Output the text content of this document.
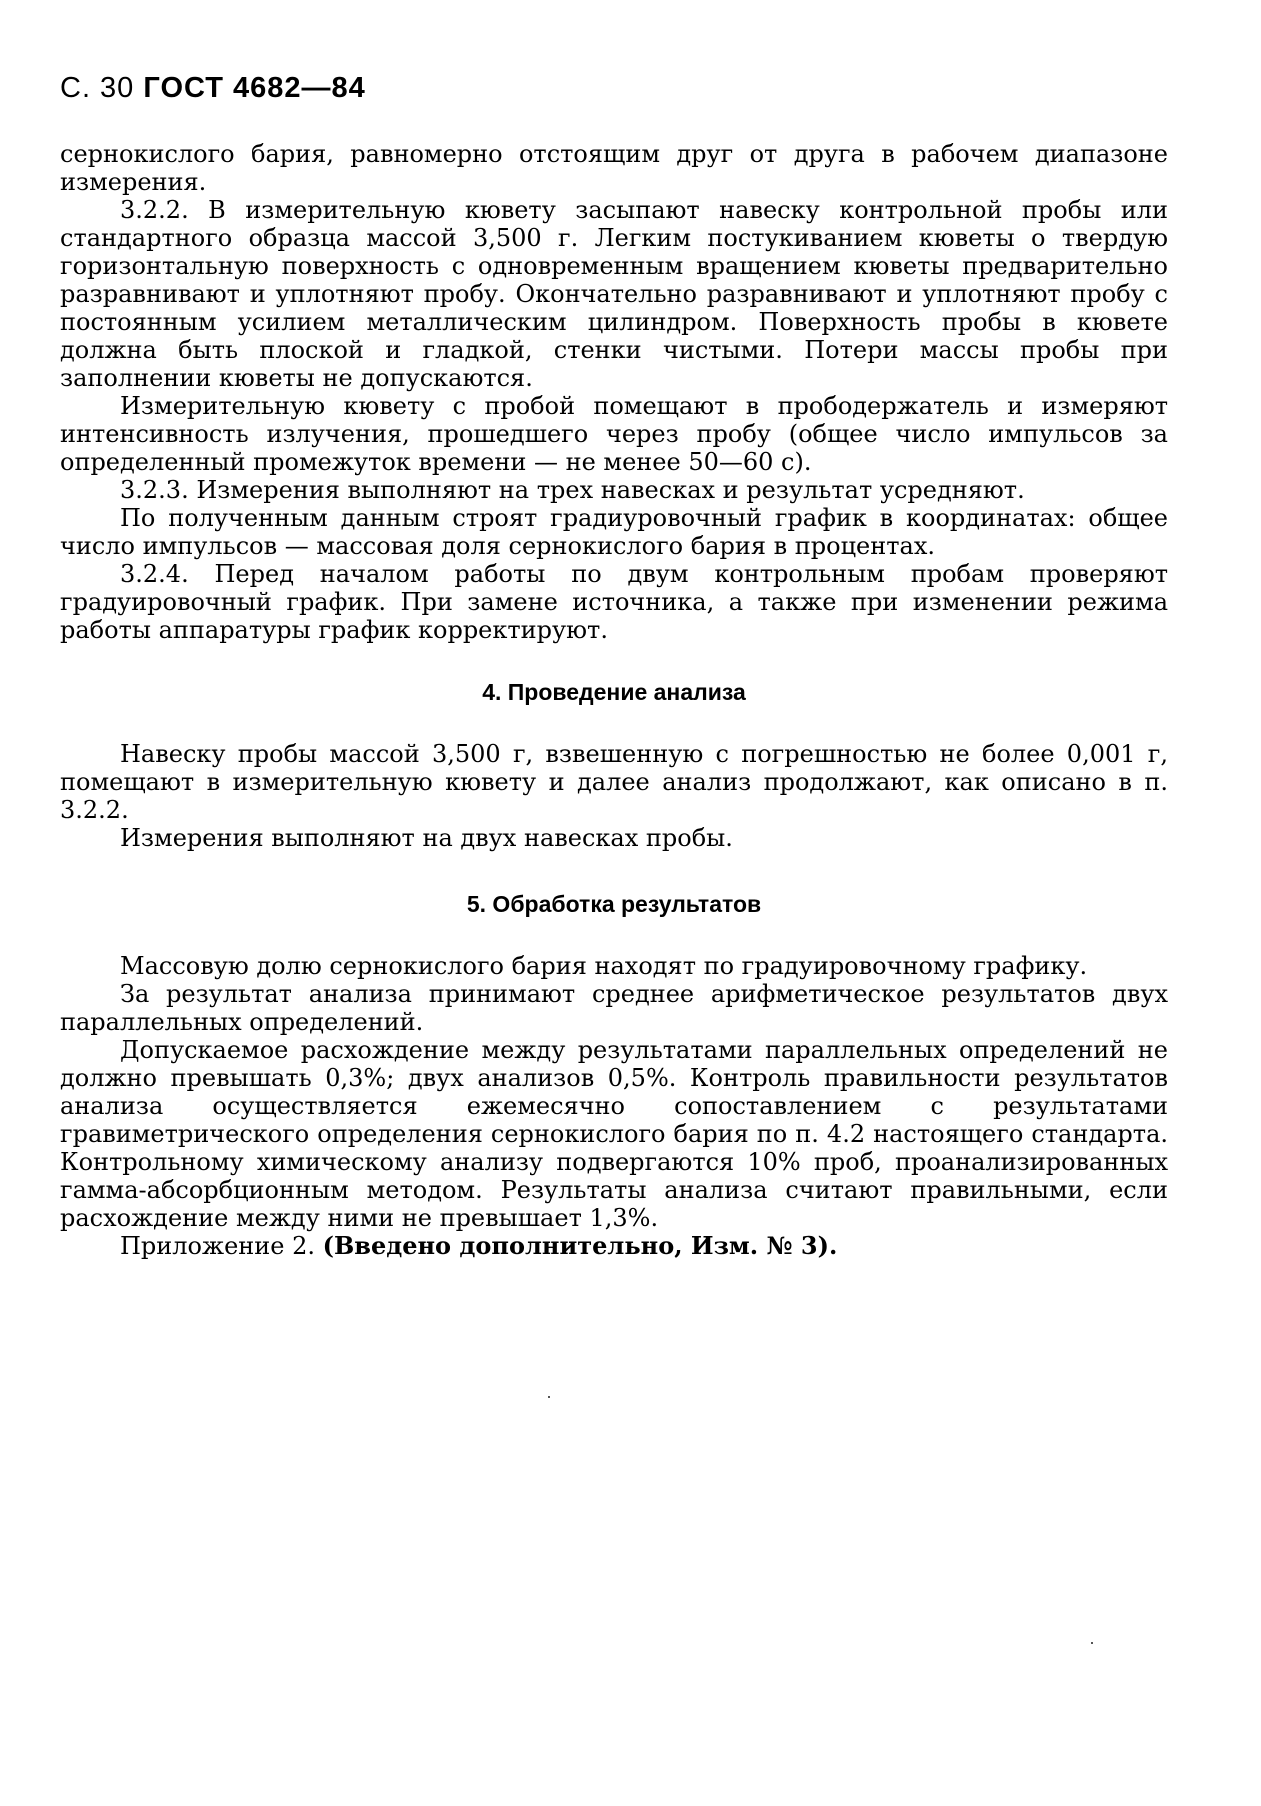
С. 30 ГОСТ 4682—84

сернокислого бария, равномерно отстоящим друг от друга в рабочем диапазоне измерения.

3.2.2. В измерительную кювету засыпают навеску контрольной пробы или стандартного образца массой 3,500 г. Легким постукиванием кюветы о твердую горизонтальную поверхность с одновременным вращением кюветы предварительно разравнивают и уплотняют пробу. Окончательно разравнивают и уплотняют пробу с постоянным усилием металлическим цилиндром. Поверхность пробы в кювете должна быть плоской и гладкой, стенки чистыми. Потери массы пробы при заполнении кюветы не допускаются.

Измерительную кювету с пробой помещают в прободержатель и измеряют интенсивность излучения, прошедшего через пробу (общее число импульсов за определенный промежуток времени — не менее 50—60 с).

3.2.3. Измерения выполняют на трех навесках и результат усредняют.

По полученным данным строят градиуровочный график в координатах: общее число импульсов — массовая доля сернокислого бария в процентах.

3.2.4. Перед началом работы по двум контрольным пробам проверяют градуировочный график. При замене источника, а также при изменении режима работы аппаратуры график корректируют.

4. Проведение анализа

Навеску пробы массой 3,500 г, взвешенную с погрешностью не более 0,001 г, помещают в измерительную кювету и далее анализ продолжают, как описано в п. 3.2.2.

Измерения выполняют на двух навесках пробы.

5. Обработка результатов

Массовую долю сернокислого бария находят по градуировочному графику.

За результат анализа принимают среднее арифметическое результатов двух параллельных определений.

Допускаемое расхождение между результатами параллельных определений не должно превышать 0,3%; двух анализов 0,5%. Контроль правильности результатов анализа осуществляется ежемесячно сопоставлением с результатами гравиметрического определения сернокислого бария по п. 4.2 настоящего стандарта. Контрольному химическому анализу подвергаются 10% проб, проанализированных гамма-абсорбционным методом. Результаты анализа считают правильными, если расхождение между ними не превышает 1,3%.

Приложение 2. (Введено дополнительно, Изм. № 3).
